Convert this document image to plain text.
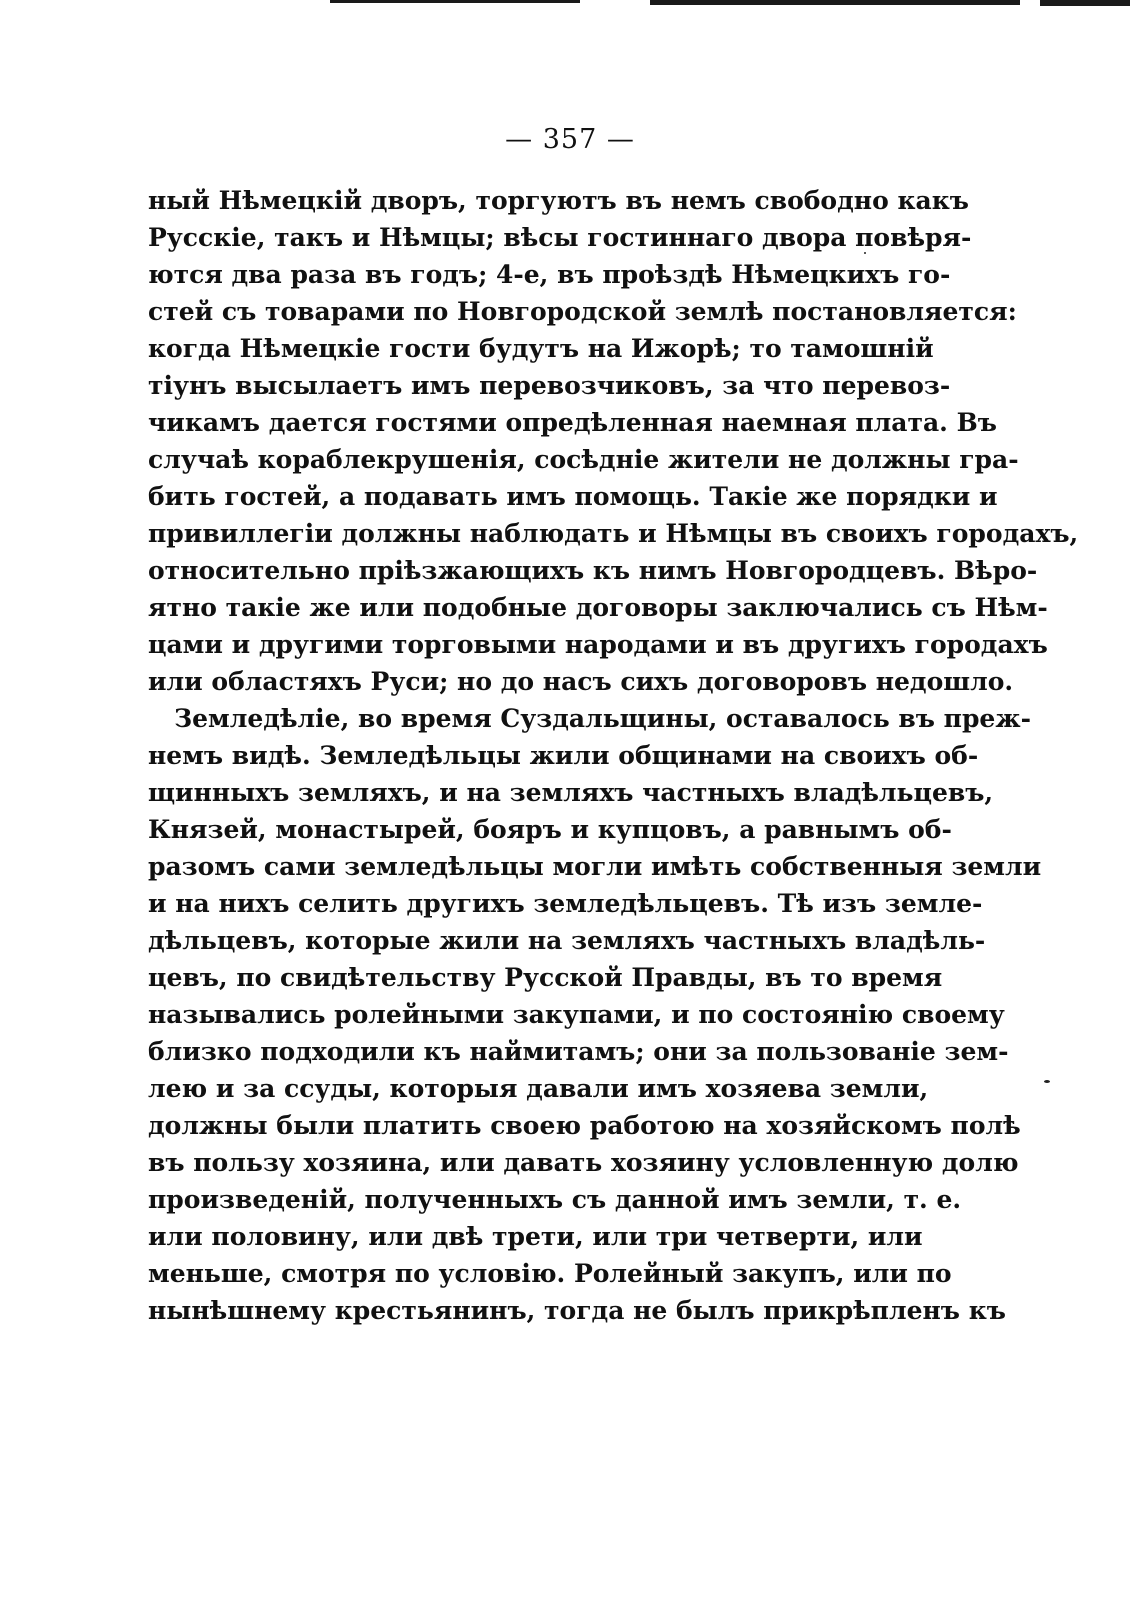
— 357 —
ный Нѣмецкій дворъ, торгуютъ въ немъ свободно какъ
Русскіе, такъ и Нѣмцы; вѣсы гостиннаго двора повѣря-
ются два раза въ годъ; 4-е, въ проѣздѣ Нѣмецкихъ го-
стей съ товарами по Новгородской землѣ постановляется:
когда Нѣмецкіе гости будутъ на Ижорѣ; то тамошній
тіунъ высылаетъ имъ перевозчиковъ, за что перевоз-
чикамъ дается гостями опредѣленная наемная плата. Въ
случаѣ кораблекрушенія, сосѣдніе жители не должны гра-
бить гостей, а подавать имъ помощь. Такіе же порядки и
привиллегіи должны наблюдать и Нѣмцы въ своихъ городахъ,
относительно пріѣзжающихъ къ нимъ Новгородцевъ. Вѣро-
ятно такіе же или подобные договоры заключались съ Нѣм-
цами и другими торговыми народами и въ другихъ городахъ
или областяхъ Руси; но до насъ сихъ договоровъ недошло.
Земледѣліе, во время Суздальщины, оставалось въ преж-
немъ видѣ. Земледѣльцы жили общинами на своихъ об-
щинныхъ земляхъ, и на земляхъ частныхъ владѣльцевъ,
Князей, монастырей, бояръ и купцовъ, а равнымъ об-
разомъ сами земледѣльцы могли имѣть собственныя земли
и на нихъ селить другихъ земледѣльцевъ. Тѣ изъ земле-
дѣльцевъ, которые жили на земляхъ частныхъ владѣль-
цевъ, по свидѣтельству Русской Правды, въ то время
назывались ролейными закупами, и по состоянію своему
близко подходили къ наймитамъ; они за пользованіе зем-
лею и за ссуды, которыя давали имъ хозяева земли,
должны были платить своею работою на хозяйскомъ полѣ
въ пользу хозяина, или давать хозяину условленную долю
произведеній, полученныхъ съ данной имъ земли, т. е.
или половину, или двѣ трети, или три четверти, или
меньше, смотря по условію. Ролейный закупъ, или по
нынѣшнему крестьянинъ, тогда не былъ прикрѣпленъ къ
